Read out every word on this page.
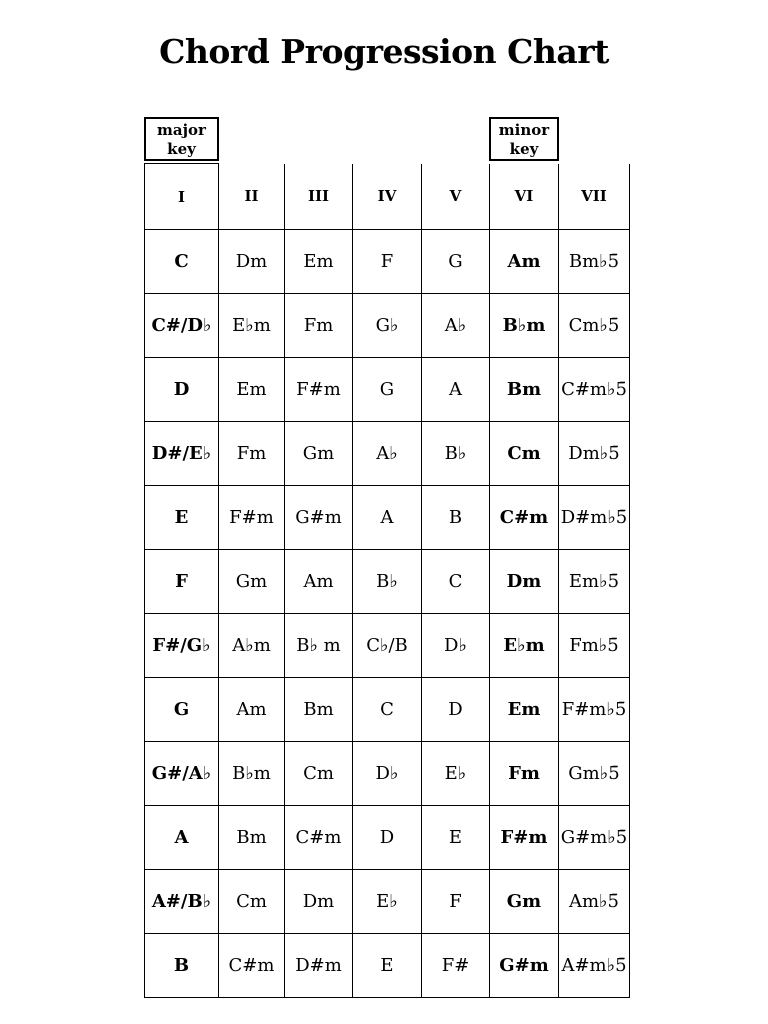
Chord Progression Chart
major
key
minor
key
I	II	III	IV	V	VI	VII
C	Dm	Em	F	G	Am	Bm♭5̄
C#/D♭	E♭m	Fm	G♭	A♭	B♭m	Cm♭5̄
D	Em	F#m	G	A	Bm	C#m♭5̄
D#/E♭	Fm	Gm	A♭	B♭	Cm	Dm♭5̄
E	F#m	G#m	A	B	C#m	D#m♭5̄
F	Gm	Am	B♭	C	Dm	Em♭5̄
F#/G♭	A♭m	B♭ m	C♭/B	D♭	E♭m	Fm♭5̄
G	Am	Bm	C	D	Em	F#m♭5̄
G#/A♭	B♭m	Cm	D♭	E♭	Fm	Gm♭5̄
A	Bm	C#m	D	E	F#m	G#m♭5̄
A#/B♭	Cm	Dm	E♭	F	Gm	Am♭5̄
B	C#m	D#m	E	F#	G#m	A#m♭5̄
